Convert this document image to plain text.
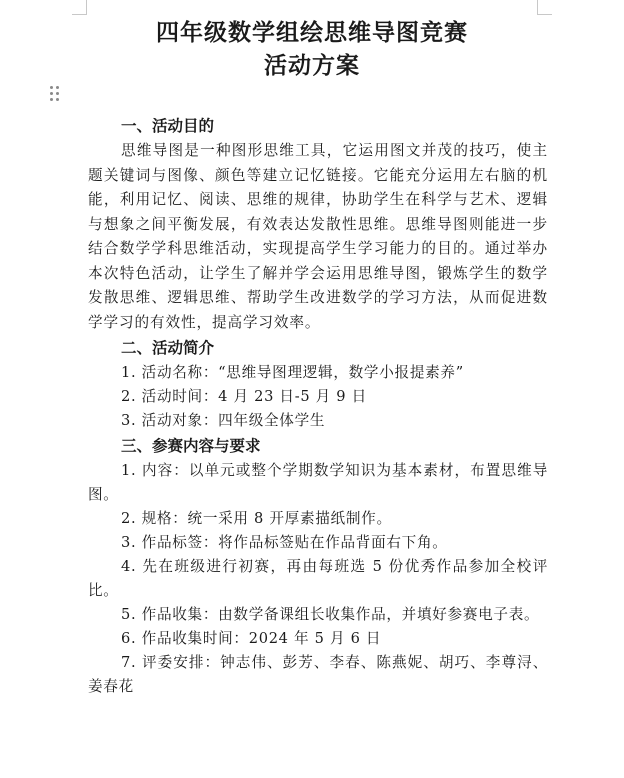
四年级数学组绘思维导图竞赛
活动方案
一、活动目的

思维导图是一种图形思维工具，它运用图文并茂的技巧，使主题关键词与图像、颜色等建立记忆链接。它能充分运用左右脑的机能，利用记忆、阅读、思维的规律，协助学生在科学与艺术、逻辑与想象之间平衡发展，有效表达发散性思维。思维导图则能进一步结合数学学科思维活动，实现提高学生学习能力的目的。通过举办本次特色活动，让学生了解并学会运用思维导图，锻炼学生的数学发散思维、逻辑思维、帮助学生改进数学的学习方法，从而促进数学学习的有效性，提高学习效率。

二、活动简介

1. 活动名称：“思维导图理逻辑，数学小报提素养”

2. 活动时间：4 月 23 日-5 月 9 日

3. 活动对象：四年级全体学生

三、参赛内容与要求

1. 内容：以单元或整个学期数学知识为基本素材，布置思维导图。

2. 规格：统一采用 8 开厚素描纸制作。

3. 作品标签：将作品标签贴在作品背面右下角。

4. 先在班级进行初赛，再由每班选 5 份优秀作品参加全校评比。

5. 作品收集：由数学备课组长收集作品，并填好参赛电子表。

6. 作品收集时间：2024 年 5 月 6 日

7. 评委安排：钟志伟、彭芳、李春、陈燕妮、胡巧、李尊浔、姜春花
